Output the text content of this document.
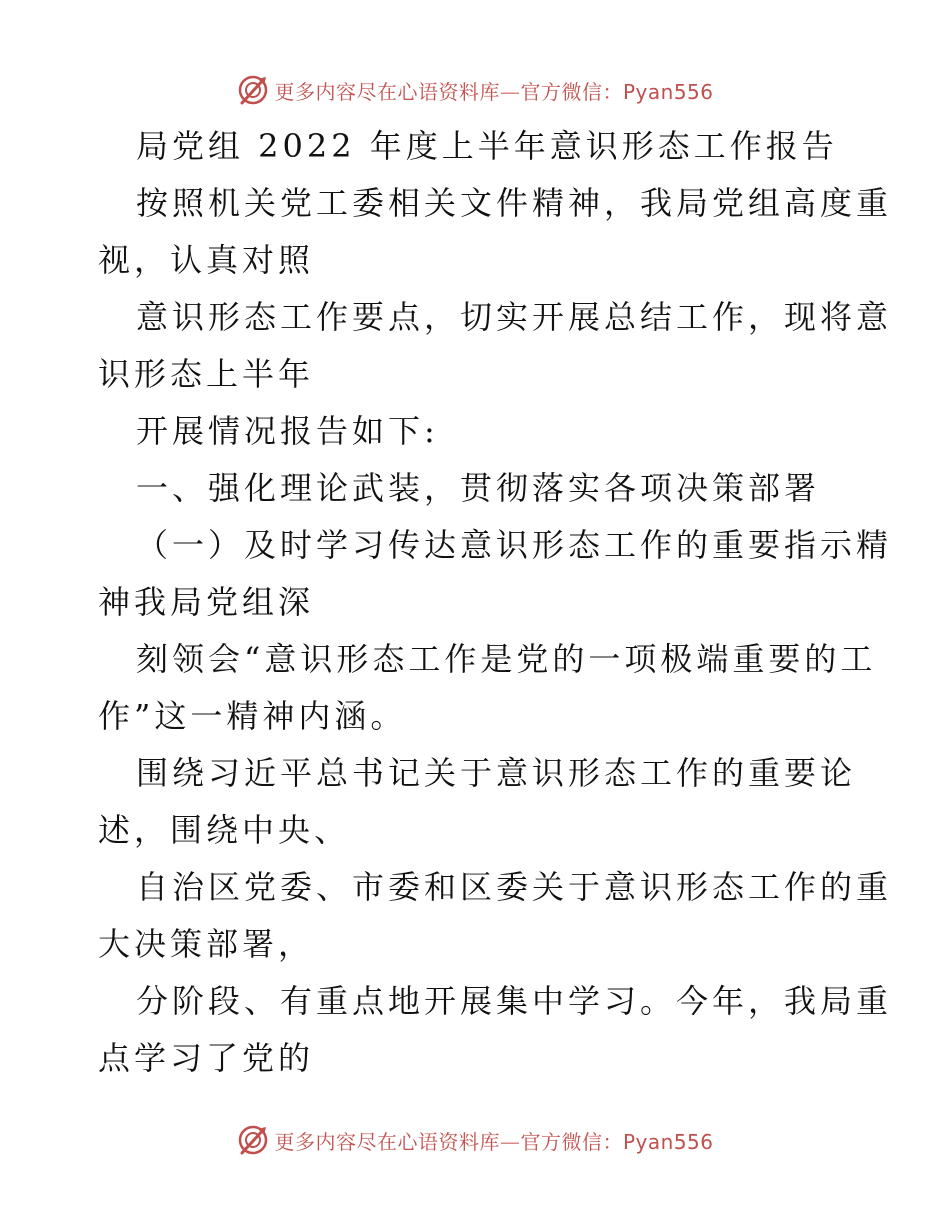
更多内容尽在心语资料库—官方微信：Pyan556
局党组 2022 年度上半年意识形态工作报告
按照机关党工委相关文件精神，我局党组高度重
视，认真对照
意识形态工作要点，切实开展总结工作，现将意
识形态上半年
开展情况报告如下:
一、强化理论武装，贯彻落实各项决策部署
（一）及时学习传达意识形态工作的重要指示精
神我局党组深
刻领会“意识形态工作是党的一项极端重要的工
作”这一精神内涵。
围绕习近平总书记关于意识形态工作的重要论
述，围绕中央、
自治区党委、市委和区委关于意识形态工作的重
大决策部署，
分阶段、有重点地开展集中学习。今年，我局重
点学习了党的
更多内容尽在心语资料库—官方微信：Pyan556
